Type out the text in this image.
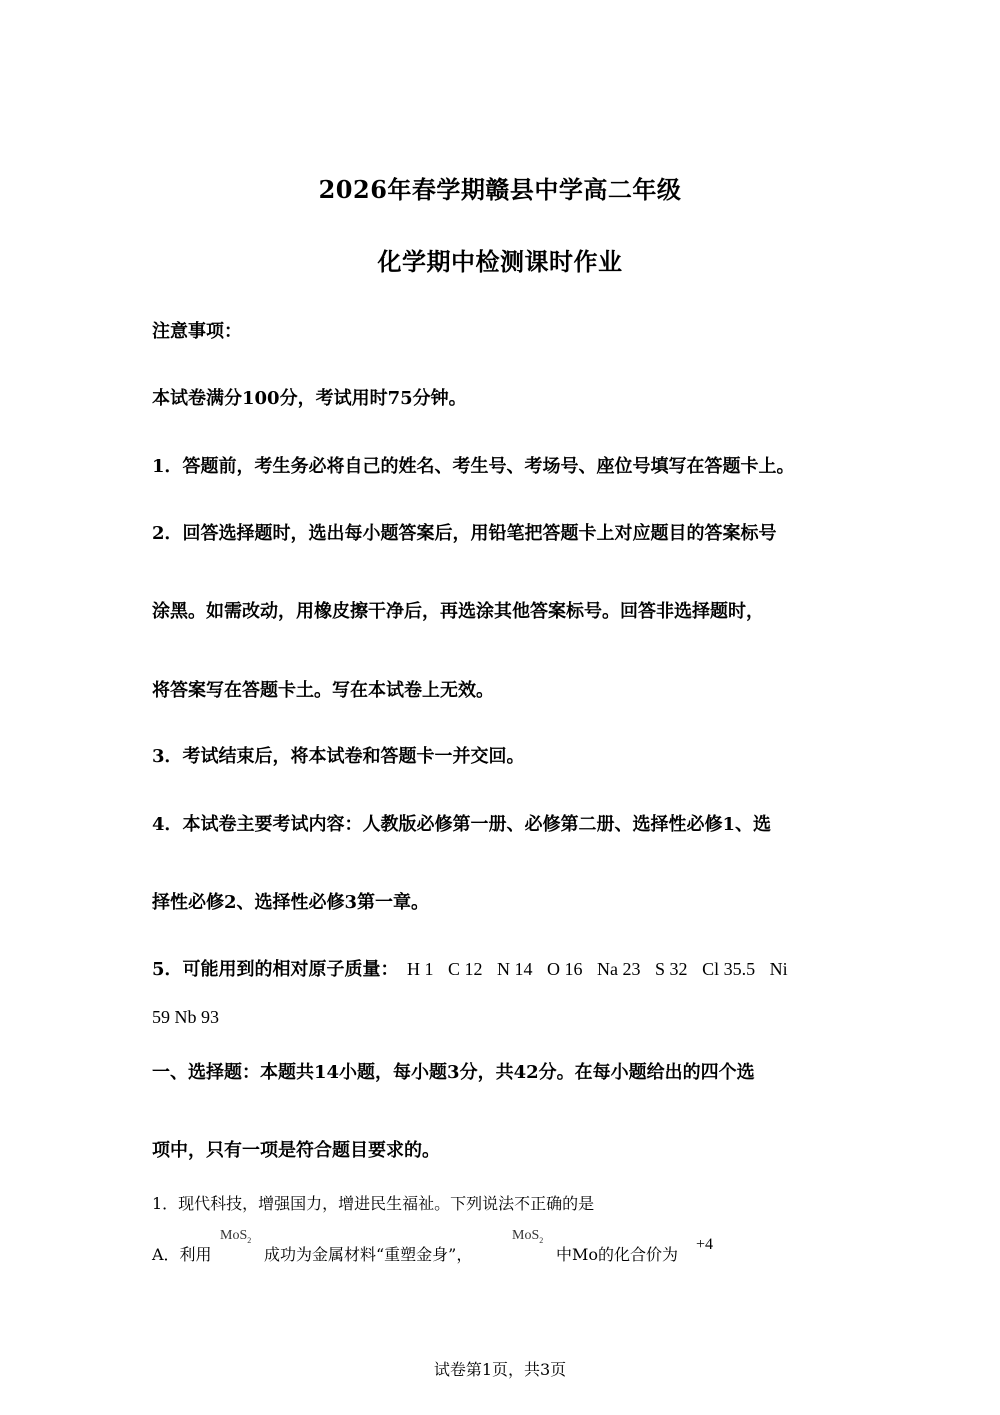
2026年春学期赣县中学高二年级
化学期中检测课时作业
注意事项：
本试卷满分100分，考试用时75分钟。
1．答题前，考生务必将自己的姓名、考生号、考场号、座位号填写在答题卡上。
2．回答选择题时，选出每小题答案后，用铅笔把答题卡上对应题目的答案标号
涂黑。如需改动，用橡皮擦干净后，再选涂其他答案标号。回答非选择题时，
将答案写在答题卡土。写在本试卷上无效。
3．考试结束后，将本试卷和答题卡一并交回。
4．本试卷主要考试内容：人教版必修第一册、必修第二册、选择性必修1、选
择性必修2、选择性必修3第一章。
5．可能用到的相对原子质量： H 1 C 12 N 14 O 16 Na 23 S 32 Cl 35.5 Ni
59 Nb 93
一、选择题：本题共14小题，每小题3分，共42分。在每小题给出的四个选
项中，只有一项是符合题目要求的。
1．现代科技，增强国力，增进民生福祉。下列说法不正确的是
A．利用
MoS$_2$
成功为金属材料“重塑金身”，
MoS$_2$
中Mo的化合价为
+4
试卷第1页，共3页
